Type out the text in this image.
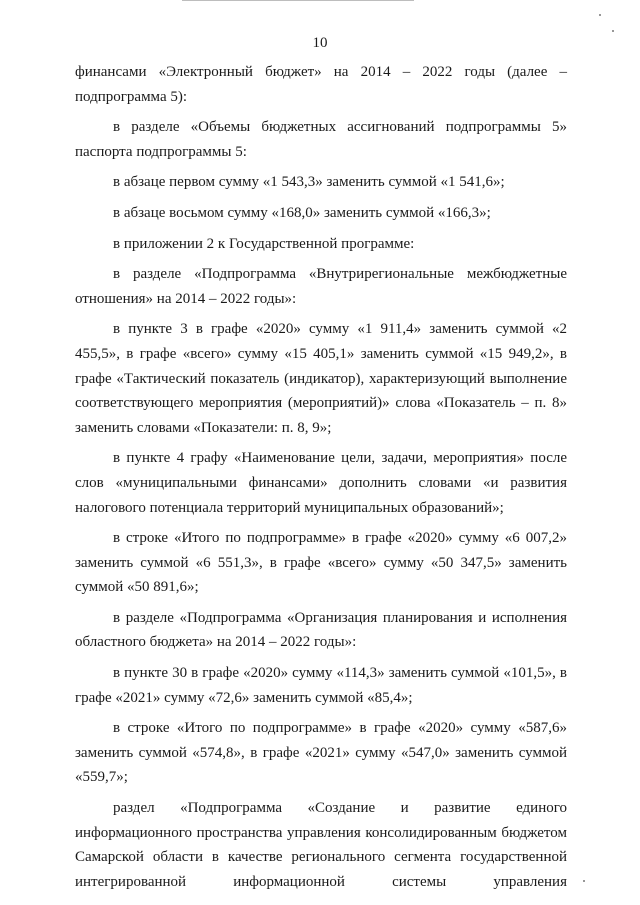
10

финансами «Электронный бюджет» на 2014 – 2022 годы (далее – подпрограмма 5):

в разделе «Объемы бюджетных ассигнований подпрограммы 5» паспорта подпрограммы 5:

в абзаце первом сумму «1 543,3» заменить суммой «1 541,6»;

в абзаце восьмом сумму «168,0» заменить суммой «166,3»;

в приложении 2 к Государственной программе:

в разделе «Подпрограмма «Внутрирегиональные межбюджетные отношения» на 2014 – 2022 годы»:

в пункте 3 в графе «2020» сумму «1 911,4» заменить суммой «2 455,5», в графе «всего» сумму «15 405,1» заменить суммой «15 949,2», в графе «Тактический показатель (индикатор), характеризующий выполнение соответствующего мероприятия (мероприятий)» слова «Показатель – п. 8» заменить словами «Показатели: п. 8, 9»;

в пункте 4 графу «Наименование цели, задачи, мероприятия» после слов «муниципальными финансами» дополнить словами «и развития налогового потенциала территорий муниципальных образований»;

в строке «Итого по подпрограмме» в графе «2020» сумму «6 007,2» заменить суммой «6 551,3», в графе «всего» сумму «50 347,5» заменить суммой «50 891,6»;

в разделе «Подпрограмма «Организация планирования и исполнения областного бюджета» на 2014 – 2022 годы»:

в пункте 30 в графе «2020» сумму «114,3» заменить суммой «101,5», в графе «2021» сумму «72,6» заменить суммой «85,4»;

в строке «Итого по подпрограмме» в графе «2020» сумму «587,6» заменить суммой «574,8», в графе «2021» сумму «547,0» заменить суммой «559,7»;

раздел «Подпрограмма «Создание и развитие единого информационного пространства управления консолидированным бюджетом Самарской области в качестве регионального сегмента государственной интегрированной информационной системы управления
